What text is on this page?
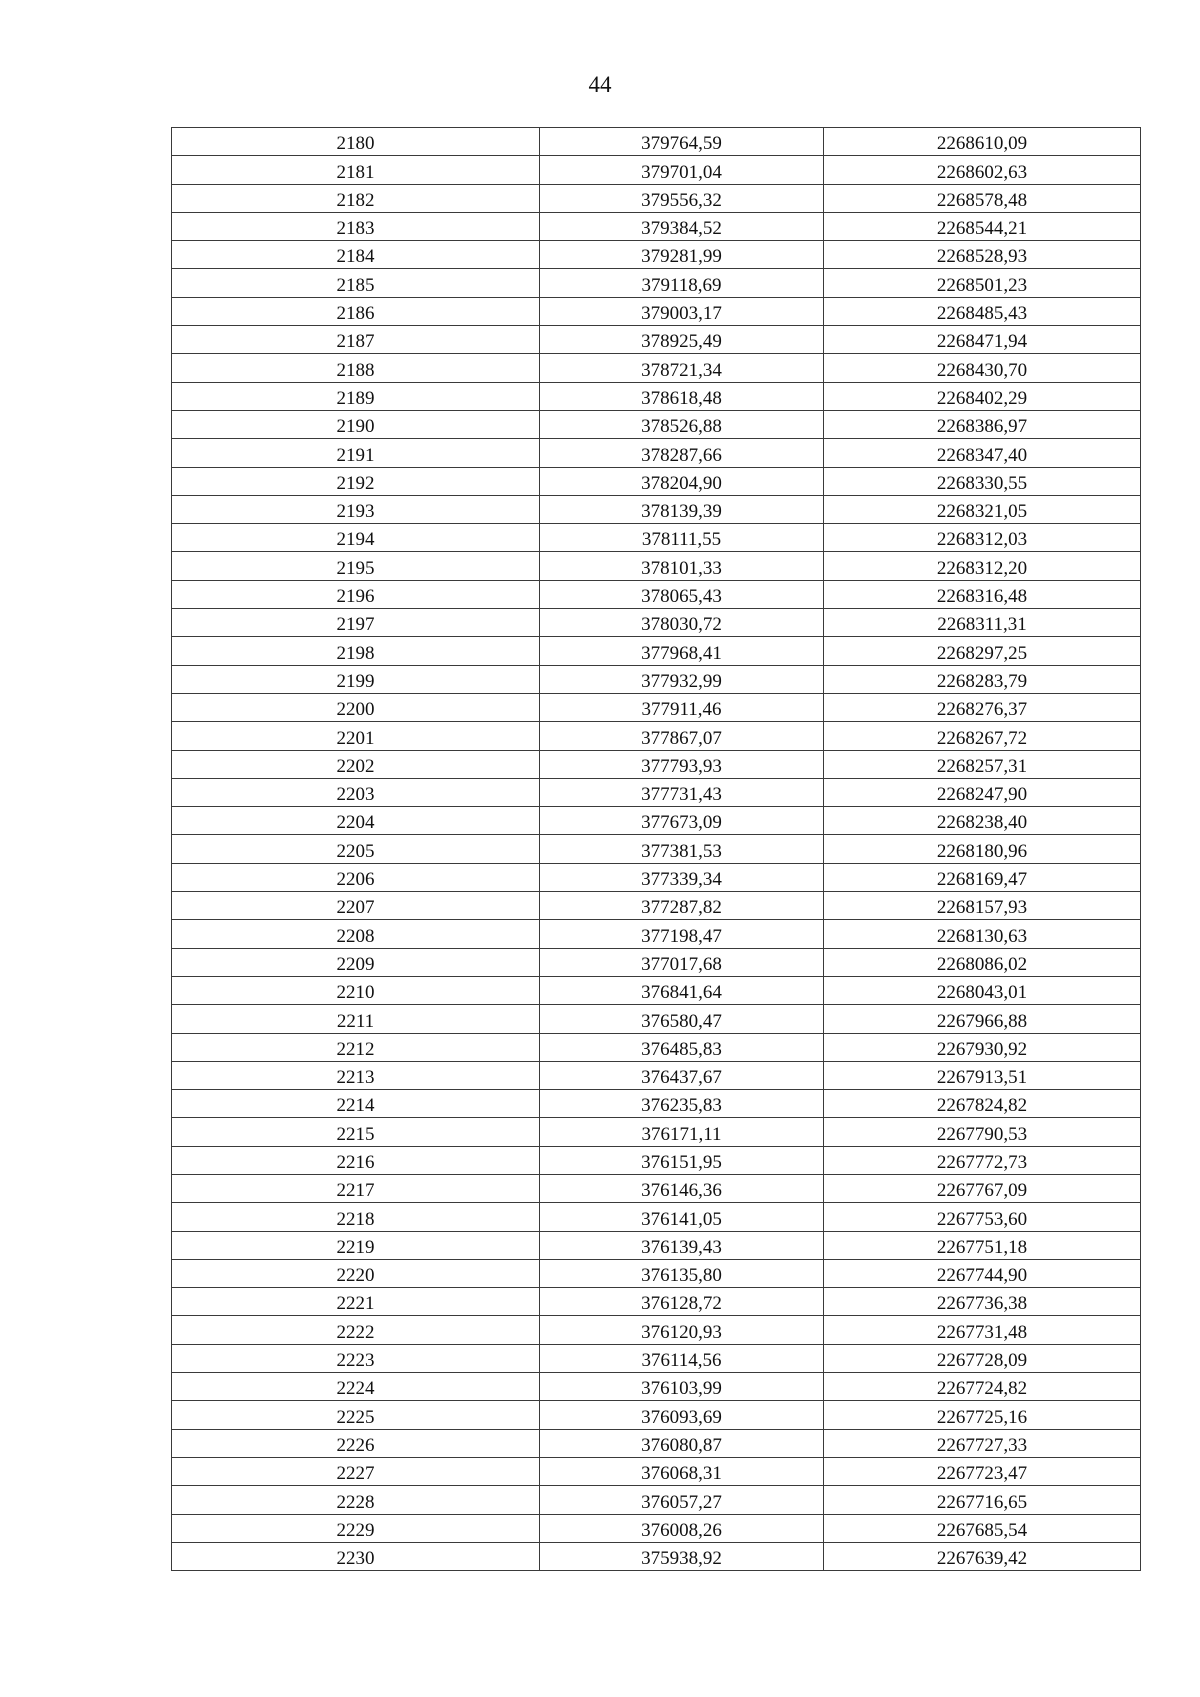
44
2180	379764,59	2268610,09
2181	379701,04	2268602,63
2182	379556,32	2268578,48
2183	379384,52	2268544,21
2184	379281,99	2268528,93
2185	379118,69	2268501,23
2186	379003,17	2268485,43
2187	378925,49	2268471,94
2188	378721,34	2268430,70
2189	378618,48	2268402,29
2190	378526,88	2268386,97
2191	378287,66	2268347,40
2192	378204,90	2268330,55
2193	378139,39	2268321,05
2194	378111,55	2268312,03
2195	378101,33	2268312,20
2196	378065,43	2268316,48
2197	378030,72	2268311,31
2198	377968,41	2268297,25
2199	377932,99	2268283,79
2200	377911,46	2268276,37
2201	377867,07	2268267,72
2202	377793,93	2268257,31
2203	377731,43	2268247,90
2204	377673,09	2268238,40
2205	377381,53	2268180,96
2206	377339,34	2268169,47
2207	377287,82	2268157,93
2208	377198,47	2268130,63
2209	377017,68	2268086,02
2210	376841,64	2268043,01
2211	376580,47	2267966,88
2212	376485,83	2267930,92
2213	376437,67	2267913,51
2214	376235,83	2267824,82
2215	376171,11	2267790,53
2216	376151,95	2267772,73
2217	376146,36	2267767,09
2218	376141,05	2267753,60
2219	376139,43	2267751,18
2220	376135,80	2267744,90
2221	376128,72	2267736,38
2222	376120,93	2267731,48
2223	376114,56	2267728,09
2224	376103,99	2267724,82
2225	376093,69	2267725,16
2226	376080,87	2267727,33
2227	376068,31	2267723,47
2228	376057,27	2267716,65
2229	376008,26	2267685,54
2230	375938,92	2267639,42
